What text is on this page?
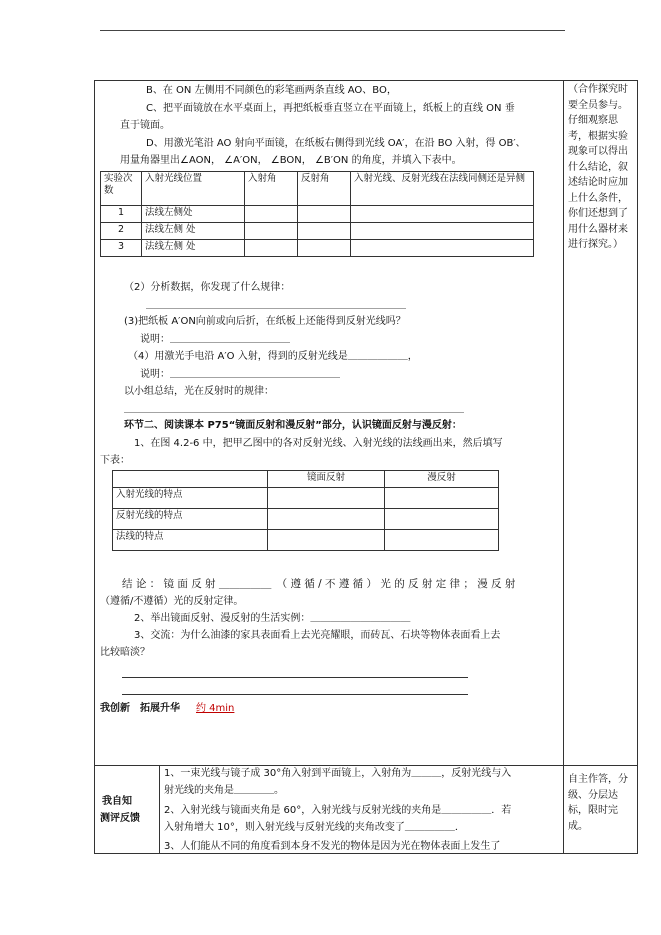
B、在 ON 左侧用不同颜色的彩笔画两条直线 AO、BO，
C、把平面镜放在水平桌面上，再把纸板垂直竖立在平面镜上，纸板上的直线 ON 垂
直于镜面。
D、用激光笔沿 AO 射向平面镜，在纸板右侧得到光线 OA′，在沿 BO 入射，得 OB′、
用量角器里出∠AON， ∠A′ON， ∠BON， ∠B′ON 的角度，并填入下表中。
实验次数	入射光线位置	入射角	反射角	入射光线、反射光线在法线同侧还是异侧
1	法线左侧处			
2	法线左侧 处			
3	法线左侧 处			
（2）分析数据，你发现了什么规律：
＿＿＿＿＿＿＿＿＿＿＿＿＿＿＿＿＿＿＿＿＿＿＿＿＿＿
(3)把纸板 A′ON向前或向后折，在纸板上还能得到反射光线吗？
说明：＿＿＿＿＿＿＿＿＿＿＿＿
（4）用激光手电沿 A′O 入射，得到的反射光线是＿＿＿＿＿＿，
说明：＿＿＿＿＿＿＿＿＿＿＿＿＿＿＿＿＿
以小组总结，光在反射时的规律：
＿＿＿＿＿＿＿＿＿＿＿＿＿＿＿＿＿＿＿＿＿＿＿＿＿＿＿＿＿＿＿＿＿＿
环节二、阅读课本 P75“镜面反射和漫反射”部分，认识镜面反射与漫反射：
1、在图 4.2-6 中，把甲乙图中的各对反射光线、入射光线的法线画出来，然后填写
下表：
	镜面反射	漫反射
入射光线的特点		
反射光线的特点		
法线的特点		
结 论 ： 镜 面 反 射 ＿＿＿＿＿　（ 遵 循 / 不 遵 循 ） 光 的 反 射 定 律 ； 漫 反 射
（遵循/不遵循）光的反射定律。
2、举出镜面反射、漫反射的生活实例：＿＿＿＿＿＿＿＿＿＿
3、交流：为什么油漆的家具表面看上去光亮耀眼，而砖瓦、石块等物体表面看上去
比较暗淡？
我创新　拓展升华 约 4min
（合作探究时要全员参与。仔细观察思考，根据实验现象可以得出什么结论，叙述结论时应加上什么条件，你们还想到了用什么器材来进行探究。）
我自知
测评反馈
1、一束光线与镜子成 30°角入射到平面镜上，入射角为＿＿＿，反射光线与入
射光线的夹角是＿＿＿＿。
2、入射光线与镜面夹角是 60°，入射光线与反射光线的夹角是＿＿＿＿＿．若
入射角增大 10°，则入射光线与反射光线的夹角改变了＿＿＿＿＿．
3、人们能从不同的角度看到本身不发光的物体是因为光在物体表面上发生了
自主作答，分级、分层达标，限时完成。
